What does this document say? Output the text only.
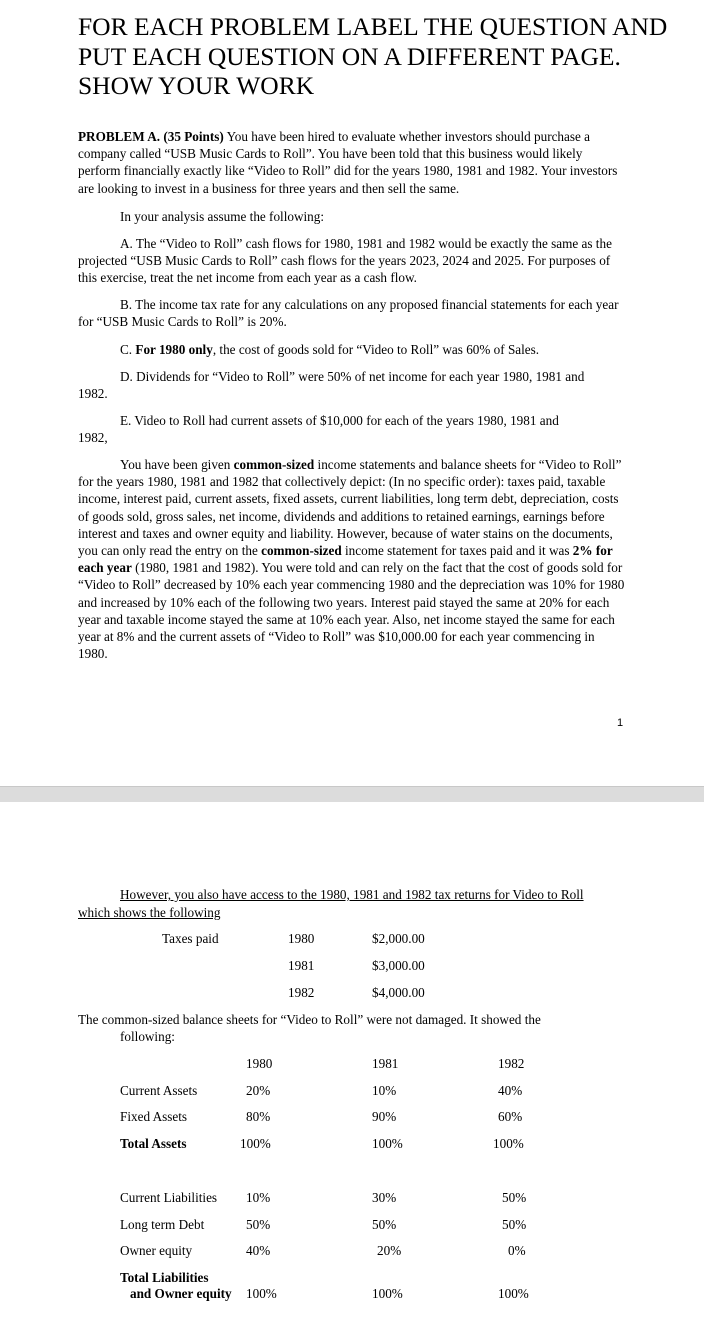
FOR EACH PROBLEM LABEL THE QUESTION AND PUT EACH QUESTION ON A DIFFERENT PAGE. SHOW YOUR WORK

PROBLEM A. (35 Points) You have been hired to evaluate whether investors should purchase a company called “USB Music Cards to Roll”. You have been told that this business would likely perform financially exactly like “Video to Roll” did for the years 1980, 1981 and 1982. Your investors are looking to invest in a business for three years and then sell the same.

In your analysis assume the following:

A. The “Video to Roll” cash flows for 1980, 1981 and 1982 would be exactly the same as the projected “USB Music Cards to Roll” cash flows for the years 2023, 2024 and 2025. For purposes of this exercise, treat the net income from each year as a cash flow.

B. The income tax rate for any calculations on any proposed financial statements for each year for “USB Music Cards to Roll” is 20%.

C. For 1980 only, the cost of goods sold for “Video to Roll” was 60% of Sales.

D. Dividends for “Video to Roll” were 50% of net income for each year 1980, 1981 and

1982.

E. Video to Roll had current assets of $10,000 for each of the years 1980, 1981 and

1982,

You have been given common-sized income statements and balance sheets for “Video to Roll” for the years 1980, 1981 and 1982 that collectively depict: (In no specific order): taxes paid, taxable income, interest paid, current assets, fixed assets, current liabilities, long term debt, depreciation, costs of goods sold, gross sales, net income, dividends and additions to retained earnings, earnings before interest and taxes and owner equity and liability. However, because of water stains on the documents, you can only read the entry on the common-sized income statement for taxes paid and it was 2% for each year (1980, 1981 and 1982). You were told and can rely on the fact that the cost of goods sold for “Video to Roll” decreased by 10% each year commencing 1980 and the depreciation was 10% for 1980 and increased by 10% each of the following two years. Interest paid stayed the same at 20% for each year and taxable income stayed the same at 10% each year. Also, net income stayed the same for each year at 8% and the current assets of “Video to Roll” was $10,000.00 for each year commencing in 1980.

1
However, you also have access to the 1980, 1981 and 1982 tax returns for Video to Roll
which shows the following
Taxes paid	1980	$2,000.00
1981	$3,000.00
1982	$4,000.00
The common-sized balance sheets for “Video to Roll” were not damaged. It showed the
following:
1980	1981	1982
Current Assets	20%	10%	40%
Fixed Assets	80%	90%	60%
Total Assets	100%	100%	100%
Current Liabilities 10%	30%	50%
Long term Debt	50%	50%	50%
Owner equity	40%	20%	0%
Total Liabilities
and Owner equity 100%	100%	100%
